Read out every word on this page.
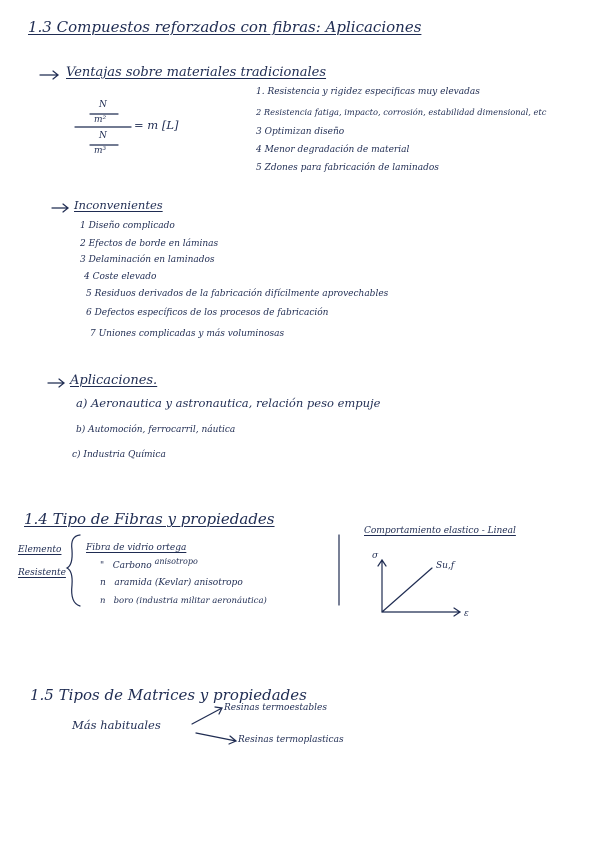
1.3 Compuestos reforzados con fibras: Aplicaciones
Ventajas sobre materiales tradicionales
N
m²
N
m³
= m [L]
1. Resistencia y rigidez especificas muy elevadas
2 Resistencia fatiga, impacto, corrosión, estabilidad dimensional, etc
3 Optimizan diseño
4 Menor degradación de material
5 Zdones para fabricación de laminados
Inconvenientes
1 Diseño complicado
2 Efectos de borde en láminas
3 Delaminación en laminados
4 Coste elevado
5 Residuos derivados de la fabricación difícilmente aprovechables
6 Defectos específicos de los procesos de fabricación
7 Uniones complicadas y más voluminosas
Aplicaciones.
a) Aeronautica y astronautica, relación peso empuje
b) Automoción, ferrocarril, náutica
c) Industria Química
1.4 Tipo de Fibras y propiedades
Elemento
Resistente
Fibra de vidrio ortega
" Carbono anisotropo
n aramida (Kevlar) anisotropo
n boro (industria militar aeronáutica)
Comportamiento elastico - Lineal
σ
ε
Su,f
1.5 Tipos de Matrices y propiedades
Más habituales
Resinas termoestables
Resinas termoplasticas
